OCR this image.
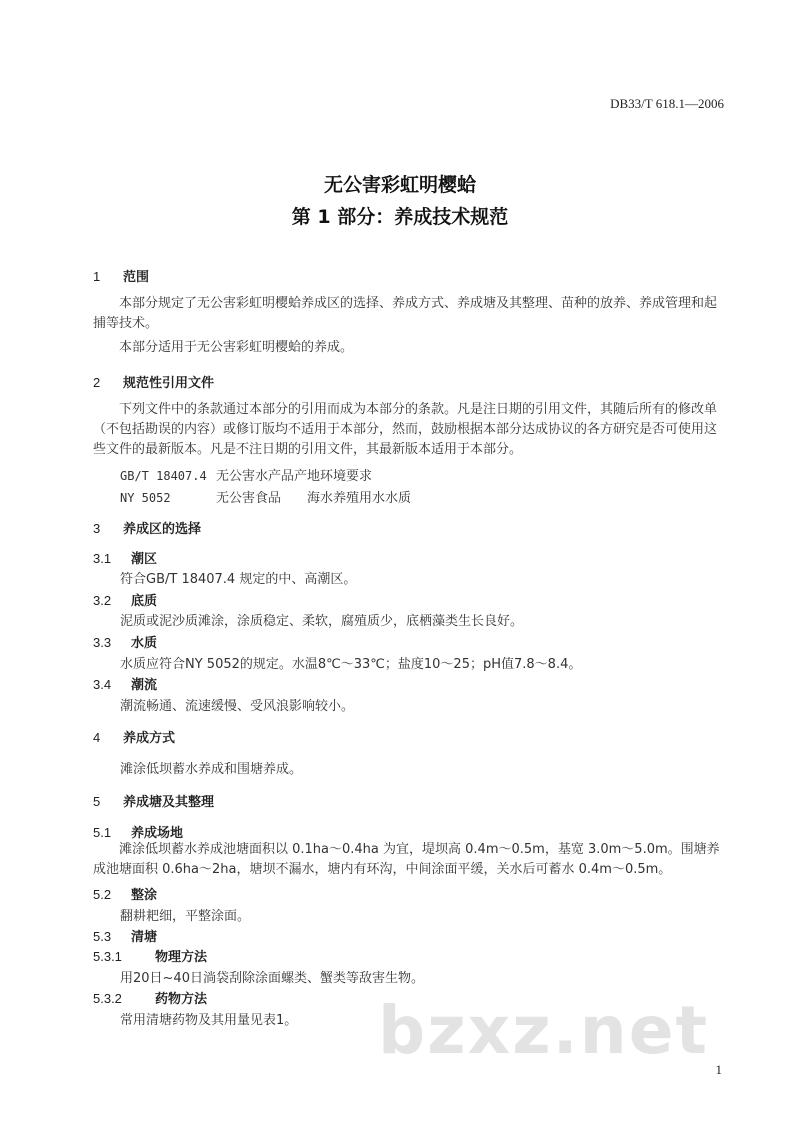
DB33/T 618.1—2006
无公害彩虹明樱蛤
第 1 部分：养成技术规范
1 范围
本部分规定了无公害彩虹明樱蛤养成区的选择、养成方式、养成塘及其整理、苗种的放养、养成管理和起捕等技术。
本部分适用于无公害彩虹明樱蛤的养成。
2 规范性引用文件
下列文件中的条款通过本部分的引用而成为本部分的条款。凡是注日期的引用文件，其随后所有的修改单（不包括勘误的内容）或修订版均不适用于本部分，然而，鼓励根据本部分达成协议的各方研究是否可使用这些文件的最新版本。凡是不注日期的引用文件，其最新版本适用于本部分。
GB/T 18407.4 无公害水产品产地环境要求
NY 5052	无公害食品　　海水养殖用水水质
3 养成区的选择
3.1 潮区
符合GB/T 18407.4 规定的中、高潮区。
3.2 底质
泥质或泥沙质滩涂，涂质稳定、柔软，腐殖质少，底栖藻类生长良好。
3.3 水质
水质应符合NY 5052的规定。水温8℃～33℃；盐度10～25；pH值7.8～8.4。
3.4 潮流
潮流畅通、流速缓慢、受风浪影响较小。
4 养成方式
滩涂低坝蓄水养成和围塘养成。
5 养成塘及其整理
5.1 养成场地
滩涂低坝蓄水养成池塘面积以 0.1ha～0.4ha 为宜，堤坝高 0.4m～0.5m，基宽 3.0m～5.0m。围塘养成池塘面积 0.6ha～2ha，塘坝不漏水，塘内有环沟，中间涂面平缓，关水后可蓄水 0.4m～0.5m。
5.2 整涂
翻耕耙细，平整涂面。
5.3 清塘
5.3.1	物理方法
用20日~40日淌袋刮除涂面螺类、蟹类等敌害生物。
5.3.2	药物方法
常用清塘药物及其用量见表1。 bzxz.net
1
